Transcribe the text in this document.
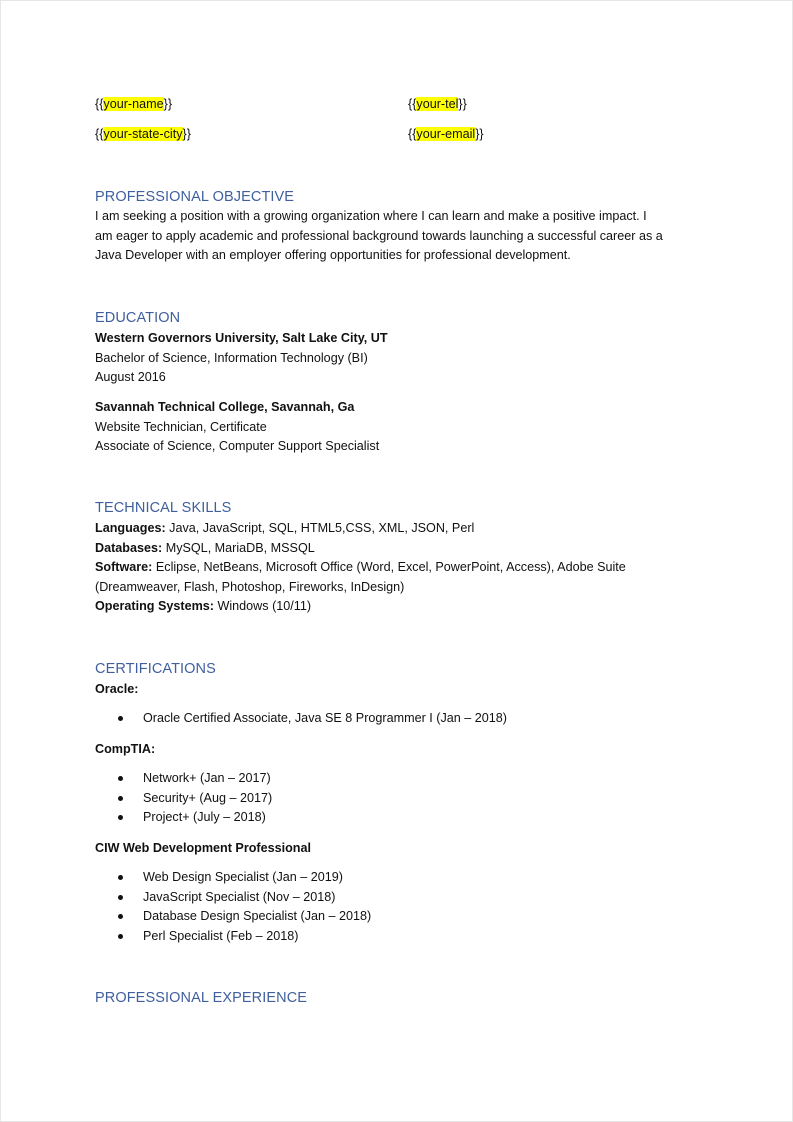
{{your-name}}	{{your-tel}}
{{your-state-city}}	{{your-email}}
PROFESSIONAL OBJECTIVE
I am seeking a position with a growing organization where I can learn and make a positive impact. I
am eager to apply academic and professional background towards launching a successful career as a
Java Developer with an employer offering opportunities for professional development.
EDUCATION
Western Governors University, Salt Lake City, UT
Bachelor of Science, Information Technology (BI)
August 2016
Savannah Technical College, Savannah, Ga
Website Technician, Certificate
Associate of Science, Computer Support Specialist
TECHNICAL SKILLS
Languages: Java, JavaScript, SQL, HTML5,CSS, XML, JSON, Perl
Databases: MySQL, MariaDB, MSSQL
Software: Eclipse, NetBeans, Microsoft Office (Word, Excel, PowerPoint, Access), Adobe Suite
(Dreamweaver, Flash, Photoshop, Fireworks, InDesign)
Operating Systems: Windows (10/11)
CERTIFICATIONS
Oracle:
Oracle Certified Associate, Java SE 8 Programmer I (Jan – 2018)
CompTIA:
Network+ (Jan – 2017)
Security+ (Aug – 2017)
Project+ (July – 2018)
CIW Web Development Professional
Web Design Specialist (Jan – 2019)
JavaScript Specialist (Nov – 2018)
Database Design Specialist (Jan – 2018)
Perl Specialist (Feb – 2018)
PROFESSIONAL EXPERIENCE
